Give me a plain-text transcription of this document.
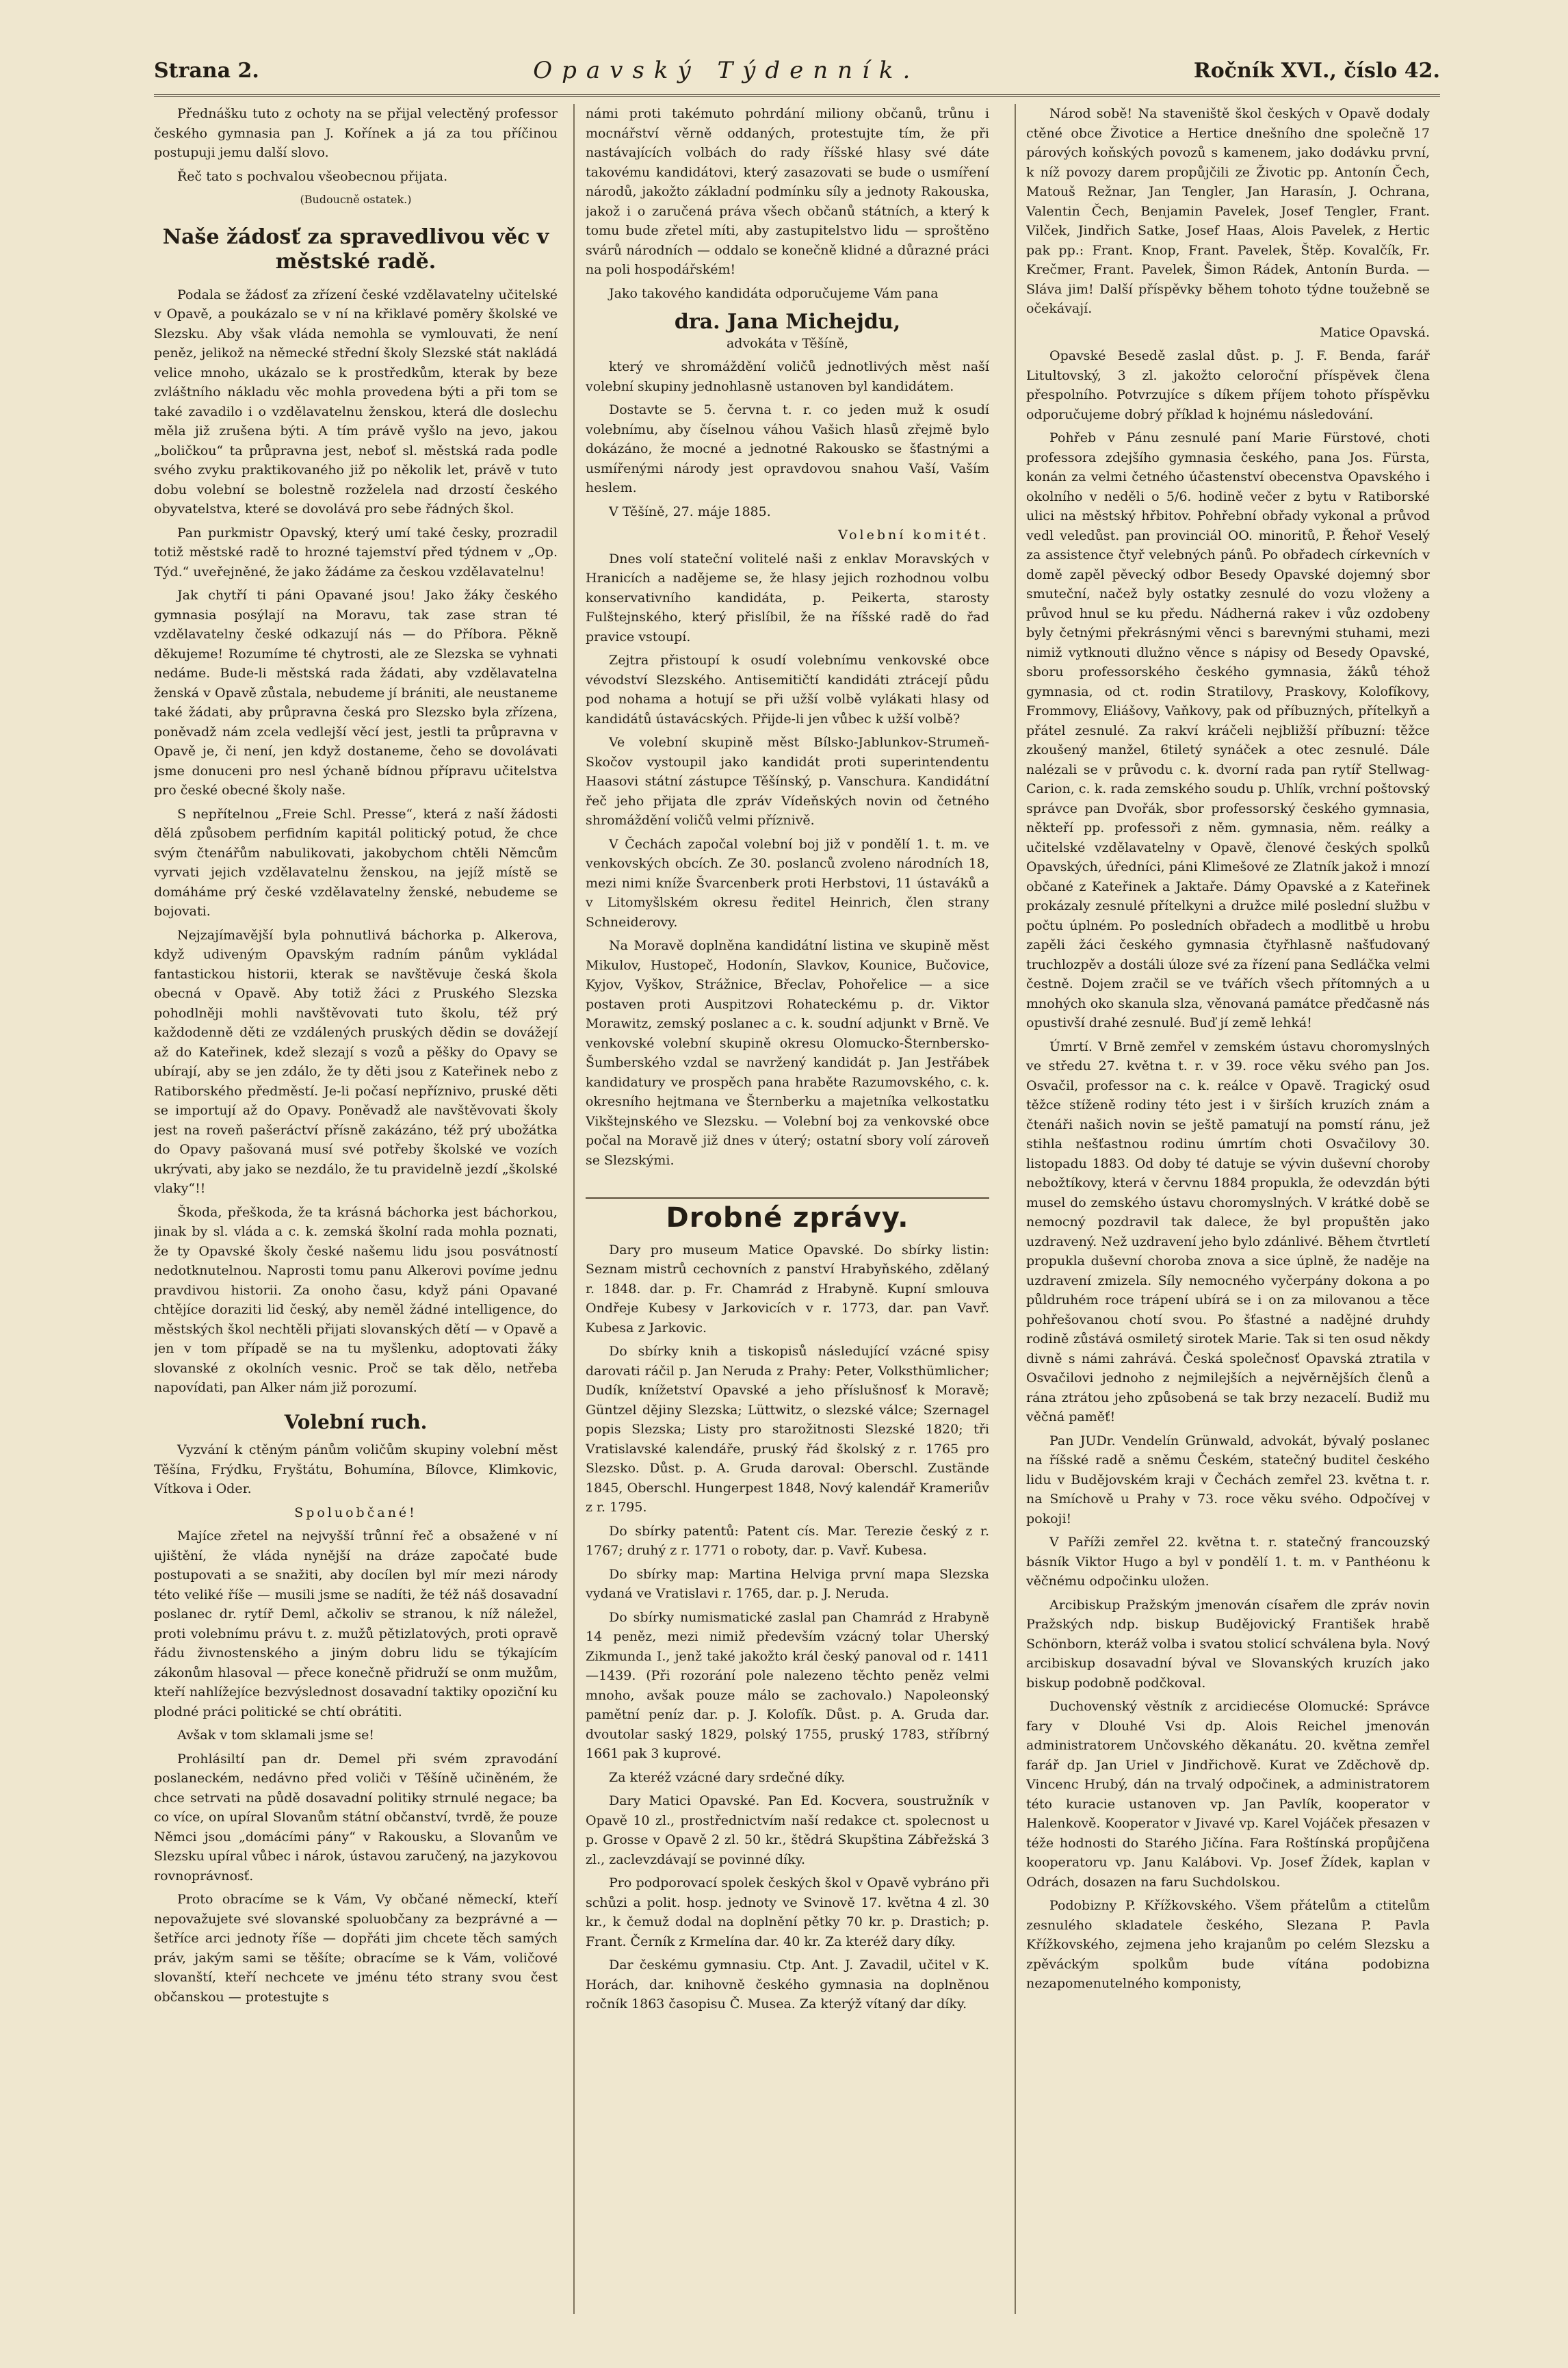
Strana 2.	Opavský Týdenník.	Ročník XVI., číslo 42.

Přednášku tuto z ochoty na se přijal velectěný professor českého gymnasia pan J. Kořínek a já za tou příčinou postupuji jemu další slovo.

Řeč tato s pochvalou všeobecnou přijata.

(Budoucně ostatek.)

Naše žádosť za spravedlivou věc v městské radě.

Podala se žádosť za zřízení české vzdělavatelny učitelské v Opavě, a poukázalo se v ní na křiklavé poměry školské ve Slezsku. Aby však vláda nemohla se vymlouvati, že není peněz, jelikož na německé střední školy Slezské stát nakládá velice mnoho, ukázalo se k prostředkům, kterak by beze zvláštního nákladu věc mohla provedena býti a při tom se také zavadilo i o vzdělavatelnu ženskou, která dle doslechu měla již zrušena býti. A tím právě vyšlo na jevo, jakou „boličkou“ ta průpravna jest, neboť sl. městská rada podle svého zvyku praktikovaného již po několik let, právě v tuto dobu volební se bolestně rozželela nad drzostí českého obyvatelstva, které se dovolává pro sebe řádných škol.

Pan purkmistr Opavský, který umí také česky, prozradil totiž městské radě to hrozné tajemství před týdnem v „Op. Týd.“ uveřejněné, že jako žádáme za českou vzdělavatelnu!

Jak chytří ti páni Opavané jsou! Jako žáky českého gymnasia posýlají na Moravu, tak zase stran té vzdělavatelny české odkazují nás — do Příbora. Pěkně děkujeme! Rozumíme té chytrosti, ale ze Slezska se vyhnati nedáme. Bude-li městská rada žádati, aby vzdělavatelna ženská v Opavě zůstala, nebudeme jí brániti, ale neustaneme také žádati, aby průpravna česká pro Slezsko byla zřízena, poněvadž nám zcela vedlejší věcí jest, jestli ta průpravna v Opavě je, či není, jen když dostaneme, čeho se dovolávati jsme donuceni pro nesl ýchaně bídnou přípravu učitelstva pro české obecné školy naše.

S nepřítelnou „Freie Schl. Presse“, která z naší žádosti dělá způsobem perfidním kapitál politický potud, že chce svým čtenářům nabulikovati, jakobychom chtěli Němcům vyrvati jejich vzdělavatelnu ženskou, na jejíž místě se domáháme prý české vzdělavatelny ženské, nebudeme se bojovati.

Nejzajímavější byla pohnutlivá báchorka p. Alkerova, když udiveným Opavským radním pánům vykládal fantastickou historii, kterak se navštěvuje česká škola obecná v Opavě. Aby totiž žáci z Pruského Slezska pohodlněji mohli navštěvovati tuto školu, též prý každodenně děti ze vzdálených pruských dědin se dovážejí až do Kateřinek, kdež slezají s vozů a pěšky do Opavy se ubírají, aby se jen zdálo, že ty děti jsou z Kateřinek nebo z Ratiborského předměstí. Je-li počasí nepříznivo, pruské děti se importují až do Opavy. Poněvadž ale navštěvovati školy jest na roveň pašeráctví přísně zakázáno, též prý ubožátka do Opavy pašovaná musí své potřeby školské ve vozích ukrývati, aby jako se nezdálo, že tu pravidelně jezdí „školské vlaky“!!

Škoda, přeškoda, že ta krásná báchorka jest báchorkou, jinak by sl. vláda a c. k. zemská školní rada mohla poznati, že ty Opavské školy české našemu lidu jsou posvátností nedotknutelnou. Naprosti tomu panu Alkerovi povíme jednu pravdivou historii. Za onoho času, když páni Opavané chtějíce doraziti lid český, aby neměl žádné intelligence, do městských škol nechtěli přijati slovanských dětí — v Opavě a jen v tom případě se na tu myšlenku, adoptovati žáky slovanské z okolních vesnic. Proč se tak dělo, netřeba napovídati, pan Alker nám již porozumí.

Volební ruch.

Vyzvání k ctěným pánům voličům skupiny volební měst Těšína, Frýdku, Fryštátu, Bohumína, Bílovce, Klimkovic, Vítkova i Oder.

Spoluobčané!

Majíce zřetel na nejvyšší trůnní řeč a obsažené v ní ujištění, že vláda nynější na dráze započaté bude postupovati a se snažiti, aby docílen byl mír mezi národy této veliké říše — musili jsme se nadíti, že též náš dosavadní poslanec dr. rytíř Deml, ačkoliv se stranou, k níž náležel, proti volebnímu právu t. z. mužů pětizlatových, proti opravě řádu živnostenského a jiným dobru lidu se týkajícím zákonům hlasoval — přece konečně přidruží se onm mužům, kteří nahlížejíce bezvýslednost dosavadní taktiky opoziční ku plodné práci politické se chtí obrátiti.

Avšak v tom sklamali jsme se!

Prohlásiltí pan dr. Demel při svém zpravodání poslaneckém, nedávno před voliči v Těšíně učiněném, že chce setrvati na půdě dosavadní politiky strnulé negace; ba co více, on upíral Slovanům státní občanství, tvrdě, že pouze Němci jsou „domácími pány“ v Rakousku, a Slovanům ve Slezsku upíral vůbec i nárok, ústavou zaručený, na jazykovou rovnoprávnosť.

Proto obracíme se k Vám, Vy občané německí, kteří nepovažujete své slovanské spoluobčany za bezprávné a — šetříce arci jednoty říše — dopřáti jim chcete těch samých práv, jakým sami se těšíte; obracíme se k Vám, voličové slovanští, kteří nechcete ve jménu této strany svou čest občanskou — protestujte s

námi proti takémuto pohrdání miliony občanů, trůnu i mocnářství věrně oddaných, protestujte tím, že při nastávajících volbách do rady říšské hlasy své dáte takovému kandidátovi, který zasazovati se bude o usmíření národů, jakožto základní podmínku síly a jednoty Rakouska, jakož i o zaručená práva všech občanů státních, a který k tomu bude zřetel míti, aby zastupitelstvo lidu — sproštěno svárů národních — oddalo se konečně klidné a důrazné práci na poli hospodářském!

Jako takového kandidáta odporučujeme Vám pana

dra. Jana Michejdu,

advokáta v Těšíně,

který ve shromáždění voličů jednotlivých měst naší volební skupiny jednohlasně ustanoven byl kandidátem.

Dostavte se 5. června t. r. co jeden muž k osudí volebnímu, aby číselnou váhou Vašich hlasů zřejmě bylo dokázáno, že mocné a jednotné Rakousko se šťastnými a usmířenými národy jest opravdovou snahou Vaší, Vaším heslem.

V Těšíně, 27. máje 1885.

Volební komitét.

Dnes volí stateční volitelé naši z enklav Moravských v Hranicích a nadějeme se, že hlasy jejich rozhodnou volbu konservativního kandidáta, p. Peikerta, starosty Fulštejnského, který přislíbil, že na říšské radě do řad pravice vstoupí.

Zejtra přistoupí k osudí volebnímu venkovské obce vévodství Slezského. Antisemitičtí kandidáti ztrácejí půdu pod nohama a hotují se při užší volbě vylákati hlasy od kandidátů ústavácských. Přijde-li jen vůbec k užší volbě?

Ve volební skupině měst Bílsko-Jablunkov-Strumeň-Skočov vystoupil jako kandidát proti superintendentu Haasovi státní zástupce Těšínský, p. Vanschura. Kandidátní řeč jeho přijata dle zpráv Vídeňských novin od četného shromáždění voličů velmi příznivě.

V Čechách započal volební boj již v pondělí 1. t. m. ve venkovských obcích. Ze 30. poslanců zvoleno národních 18, mezi nimi kníže Švarcenberk proti Herbstovi, 11 ústaváků a v Litomyšlském okresu ředitel Heinrich, člen strany Schneiderovy.

Na Moravě doplněna kandidátní listina ve skupině měst Mikulov, Hustopeč, Hodonín, Slavkov, Kounice, Bučovice, Kyjov, Vyškov, Strážnice, Břeclav, Pohořelice — a sice postaven proti Auspitzovi Rohateckému p. dr. Viktor Morawitz, zemský poslanec a c. k. soudní adjunkt v Brně. Ve venkovské volební skupině okresu Olomucko-Šternbersko-Šumberského vzdal se navržený kandidát p. Jan Jestřábek kandidatury ve prospěch pana hraběte Razumovského, c. k. okresního hejtmana ve Šternberku a majetníka velkostatku Vikštejnského ve Slezsku. — Volební boj za venkovské obce počal na Moravě již dnes v úterý; ostatní sbory volí zároveň se Slezskými.

Drobné zprávy.

Dary pro museum Matice Opavské. Do sbírky listin: Seznam mistrů cechovních z panství Hrabyňského, zdělaný r. 1848. dar. p. Fr. Chamrád z Hrabyně. Kupní smlouva Ondřeje Kubesy v Jarkovicích v r. 1773, dar. pan Vavř. Kubesa z Jarkovic.

Do sbírky knih a tiskopisů následující vzácné spisy darovati ráčil p. Jan Neruda z Prahy: Peter, Volksthümlicher; Dudík, knížetství Opavské a jeho příslušnosť k Moravě; Güntzel dějiny Slezska; Lüttwitz, o slezské válce; Szernagel popis Slezska; Listy pro starožitnosti Slezské 1820; tři Vratislavské kalendáře, pruský řád školský z r. 1765 pro Slezsko. Důst. p. A. Gruda daroval: Oberschl. Zustände 1845, Oberschl. Hungerpest 1848, Nový kalendář Krameriův z r. 1795.

Do sbírky patentů: Patent cís. Mar. Terezie český z r. 1767; druhý z r. 1771 o roboty, dar. p. Vavř. Kubesa.

Do sbírky map: Martina Helviga první mapa Slezska vydaná ve Vratislavi r. 1765, dar. p. J. Neruda.

Do sbírky numismatické zaslal pan Chamrád z Hrabyně 14 peněz, mezi nimiž především vzácný tolar Uherský Zikmunda I., jenž také jakožto král český panoval od r. 1411—1439. (Při rozorání pole nalezeno těchto peněz velmi mnoho, avšak pouze málo se zachovalo.) Napoleonský pamětní peníz dar. p. J. Kolofík. Důst. p. A. Gruda dar. dvoutolar saský 1829, polský 1755, pruský 1783, stříbrný 1661 pak 3 kuprové.

Za kteréž vzácné dary srdečné díky.

Dary Matici Opavské. Pan Ed. Kocvera, soustružník v Opavě 10 zl., prostřednictvím naší redakce ct. spolecnost u p. Grosse v Opavě 2 zl. 50 kr., štědrá Skupština Zábřežská 3 zl., zaclevzdávají se povinné díky.

Pro podporovací spolek českých škol v Opavě vybráno při schůzi a polit. hosp. jednoty ve Svinově 17. května 4 zl. 30 kr., k čemuž dodal na doplnění pětky 70 kr. p. Drastich; p. Frant. Černík z Krmelína dar. 40 kr. Za kteréž dary díky.

Dar českému gymnasiu. Ctp. Ant. J. Zavadil, učitel v K. Horách, dar. knihovně českého gymnasia na doplněnou ročník 1863 časopisu Č. Musea. Za kterýž vítaný dar díky.

Národ sobě! Na staveniště škol českých v Opavě dodaly ctěné obce Životice a Hertice dnešního dne společně 17 párových koňských povozů s kamenem, jako dodávku první, k níž povozy darem propůjčili ze Životic pp. Antonín Čech, Matouš Režnar, Jan Tengler, Jan Harasín, J. Ochrana, Valentin Čech, Benjamin Pavelek, Josef Tengler, Frant. Vilček, Jindřich Satke, Josef Haas, Alois Pavelek, z Hertic pak pp.: Frant. Knop, Frant. Pavelek, Štěp. Kovalčík, Fr. Krečmer, Frant. Pavelek, Šimon Rádek, Antonín Burda. — Sláva jim! Další příspěvky během tohoto týdne toužebně se očekávají.

Matice Opavská.

Opavské Besedě zaslal důst. p. J. F. Benda, farář Litultovský, 3 zl. jakožto celoroční příspěvek člena přespolního. Potvrzujíce s díkem příjem tohoto příspěvku odporučujeme dobrý příklad k hojnému následování.

Pohřeb v Pánu zesnulé paní Marie Fürstové, choti professora zdejšího gymnasia českého, pana Jos. Fürsta, konán za velmi četného účastenství obecenstva Opavského i okolního v neděli o 5/6. hodině večer z bytu v Ratiborské ulici na městský hřbitov. Pohřební obřady vykonal a průvod vedl veledůst. pan provinciál OO. minoritů, P. Řehoř Veselý za assistence čtyř velebných pánů. Po obřadech církevních v domě zapěl pěvecký odbor Besedy Opavské dojemný sbor smuteční, načež byly ostatky zesnulé do vozu vloženy a průvod hnul se ku předu. Nádherná rakev i vůz ozdobeny byly četnými překrásnými věnci s barevnými stuhami, mezi nimiž vytknouti dlužno věnce s nápisy od Besedy Opavské, sboru professorského českého gymnasia, žáků téhož gymnasia, od ct. rodin Stratilovy, Praskovy, Kolofíkovy, Frommovy, Eliášovy, Vaňkovy, pak od příbuzných, přítelkyň a přátel zesnulé. Za rakví kráčeli nejbližší příbuzní: těžce zkoušený manžel, 6tiletý synáček a otec zesnulé. Dále nalézali se v průvodu c. k. dvorní rada pan rytíř Stellwag-Carion, c. k. rada zemského soudu p. Uhlík, vrchní poštovský správce pan Dvořák, sbor professorský českého gymnasia, někteří pp. professoři z něm. gymnasia, něm. reálky a učitelské vzdělavatelny v Opavě, členové českých spolků Opavských, úředníci, páni Klimešové ze Zlatník jakož i mnozí občané z Kateřinek a Jaktaře. Dámy Opavské a z Kateřinek prokázaly zesnulé přítelkyni a družce milé poslední službu v počtu úplném. Po posledních obřadech a modlitbě u hrobu zapěli žáci českého gymnasia čtyřhlasně našťudovaný truchlozpěv a dostáli úloze své za řízení pana Sedláčka velmi čestně. Dojem zračil se ve tvářích všech přítomných a u mnohých oko skanula slza, věnovaná památce předčasně nás opustivší drahé zesnulé. Buď jí země lehká!

Úmrtí. V Brně zemřel v zemském ústavu choromyslných ve středu 27. května t. r. v 39. roce věku svého pan Jos. Osvačil, professor na c. k. reálce v Opavě. Tragický osud těžce stíženě rodiny této jest i v širších kruzích znám a čtenáři našich novin se ještě pamatují na pomstí ránu, jež stihla nešťastnou rodinu úmrtím choti Osvačilovy 30. listopadu 1883. Od doby té datuje se vývin duševní choroby nebožtíkovy, která v červnu 1884 propukla, že odevzdán býti musel do zemského ústavu choromyslných. V krátké době se nemocný pozdravil tak dalece, že byl propuštěn jako uzdravený. Než uzdravení jeho bylo zdánlivé. Během čtvrtletí propukla duševní choroba znova a sice úplně, že naděje na uzdravení zmizela. Síly nemocného vyčerpány dokona a po půldruhém roce trápení ubírá se i on za milovanou a těce pohřešovanou chotí svou. Po šťastné a nadějné druhdy rodině zůstává osmiletý sirotek Marie. Tak si ten osud někdy divně s námi zahrává. Česká společnosť Opavská ztratila v Osvačilovi jednoho z nejmilejších a nejvěrnějších členů a rána ztrátou jeho způsobená se tak brzy nezacelí. Budiž mu věčná paměť!

Pan JUDr. Vendelín Grünwald, advokát, bývalý poslanec na říšské radě a sněmu Českém, statečný buditel českého lidu v Budějovském kraji v Čechách zemřel 23. května t. r. na Smíchově u Prahy v 73. roce věku svého. Odpočívej v pokoji!

V Paříži zemřel 22. května t. r. statečný francouzský básník Viktor Hugo a byl v pondělí 1. t. m. v Panthéonu k věčnému odpočinku uložen.

Arcibiskup Pražským jmenován císařem dle zpráv novin Pražských ndp. biskup Budějovický František hrabě Schönborn, kteráž volba i svatou stolicí schválena byla. Nový arcibiskup dosavadní býval ve Slovanských kruzích jako biskup podobně podčkoval.

Duchovenský věstník z arcidiecése Olomucké: Správce fary v Dlouhé Vsi dp. Alois Reichel jmenován administratorem Unčovského děkanátu. 20. května zemřel farář dp. Jan Uriel v Jindřichově. Kurat ve Zděchově dp. Vincenc Hrubý, dán na trvalý odpočinek, a administratorem této kuracie ustanoven vp. Jan Pavlík, kooperator v Halenkově. Kooperator v Jivavé vp. Karel Vojáček přesazen v téže hodnosti do Starého Jičína. Fara Roštínská propůjčena kooperatoru vp. Janu Kalábovi. Vp. Josef Žídek, kaplan v Odrách, dosazen na faru Suchdolskou.

Podobizny P. Křížkovského. Všem přátelům a ctitelům zesnulého skladatele českého, Slezana P. Pavla Křížkovského, zejmena jeho krajanům po celém Slezsku a zpěváckým spolkům bude vítána podobizna nezapomenutelného komponisty,
